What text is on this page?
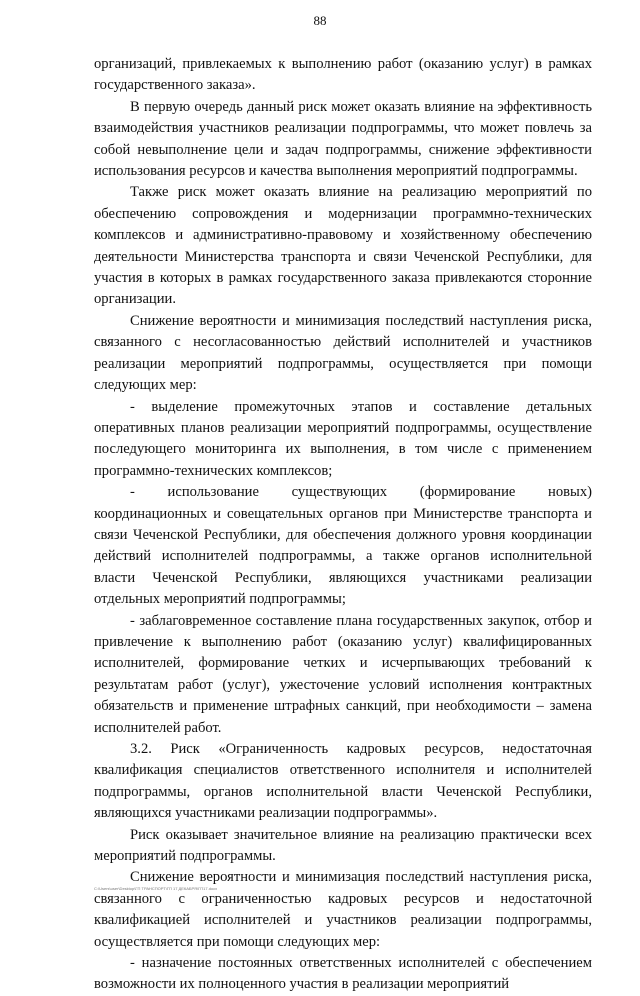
88

организаций, привлекаемых к выполнению работ (оказанию услуг) в рамках государственного заказа».

В первую очередь данный риск может оказать влияние на эффективность взаимодействия участников реализации подпрограммы, что может повлечь за собой невыполнение цели и задач подпрограммы, снижение эффективности использования ресурсов и качества выполнения мероприятий подпрограммы.

Также риск может оказать влияние на реализацию мероприятий по обеспечению сопровождения и модернизации программно-технических комплексов и административно-правовому и хозяйственному обеспечению деятельности Министерства транспорта и связи Чеченской Республики, для участия в которых в рамках государственного заказа привлекаются сторонние организации.

Снижение вероятности и минимизация последствий наступления риска, связанного с несогласованностью действий исполнителей и участников реализации мероприятий подпрограммы, осуществляется при помощи следующих мер:

- выделение промежуточных этапов и составление детальных оперативных планов реализации мероприятий подпрограммы, осуществление последующего мониторинга их выполнения, в том числе с применением программно-технических комплексов;

- использование существующих (формирование новых) координационных и совещательных органов при Министерстве транспорта и связи Чеченской Республики, для обеспечения должного уровня координации действий исполнителей подпрограммы, а также органов исполнительной власти Чеченской Республики, являющихся участниками реализации отдельных мероприятий подпрограммы;

- заблаговременное составление плана государственных закупок, отбор и привлечение к выполнению работ (оказанию услуг) квалифицированных исполнителей, формирование четких и исчерпывающих требований к результатам работ (услуг), ужесточение условий исполнения контрактных обязательств и применение штрафных санкций, при необходимости – замена исполнителей работ.

3.2. Риск «Ограниченность кадровых ресурсов, недостаточная квалификация специалистов ответственного исполнителя и исполнителей подпрограммы, органов исполнительной власти Чеченской Республики, являющихся участниками реализации подпрограммы».

Риск оказывает значительное влияние на реализацию практически всех мероприятий подпрограммы.

Снижение вероятности и минимизация последствий наступления риска, связанного с ограниченностью кадровых ресурсов и недостаточной квалификацией исполнителей и участников реализации подпрограммы, осуществляется при помощи следующих мер:

- назначение постоянных ответственных исполнителей с обеспечением возможности их полноценного участия в реализации мероприятий

С:\Users\user\Desktop\ГП ТРАНСПОРТ\ГП 17 ДЕКАБРЯ\ГП17.docx
